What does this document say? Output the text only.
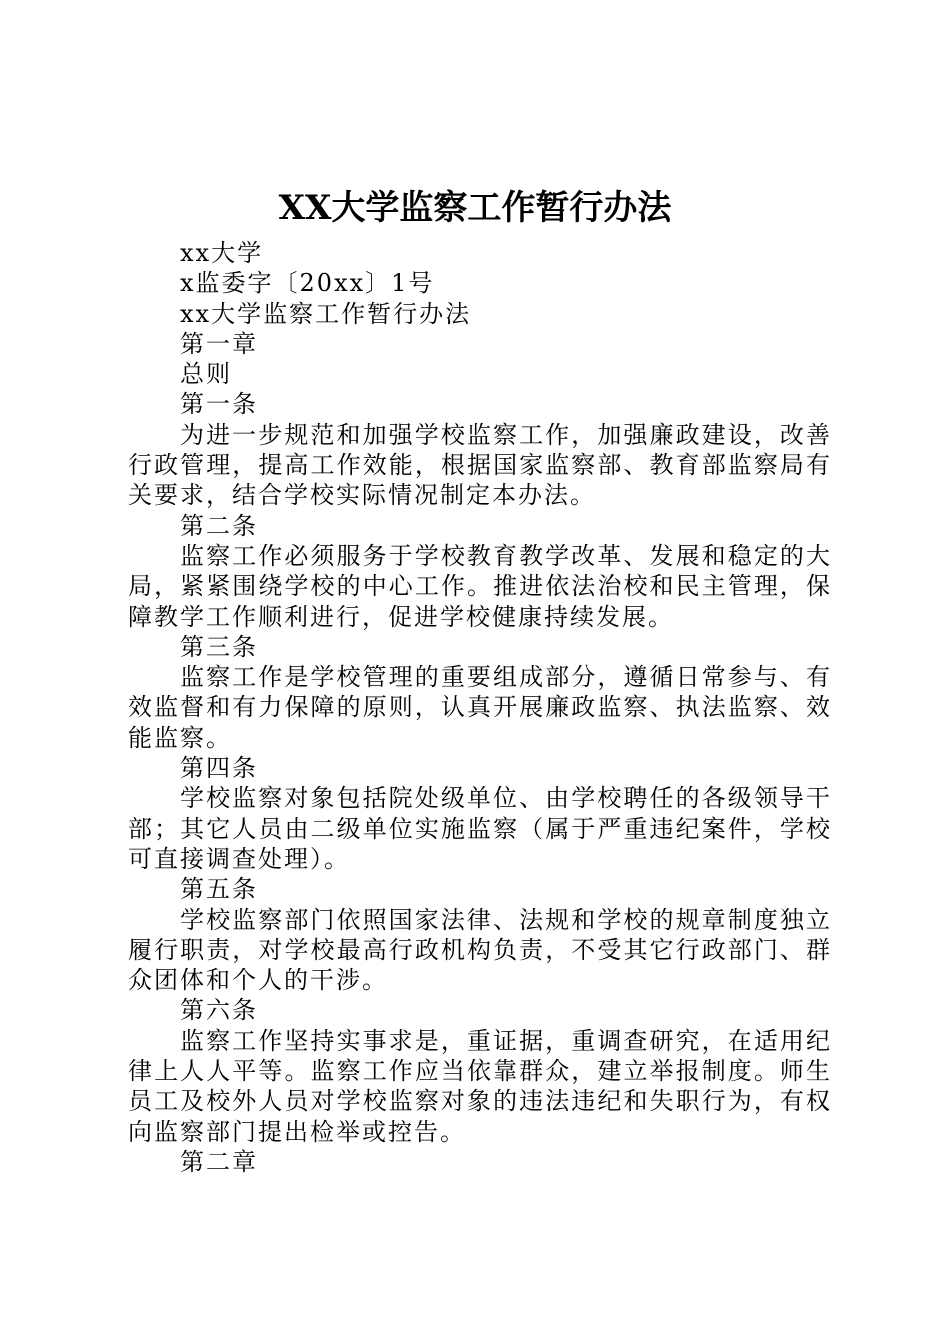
XX大学监察工作暂行办法

xx大学

x监委字〔20xx〕1号

xx大学监察工作暂行办法

第一章

总则

第一条

为进一步规范和加强学校监察工作，加强廉政建设，改善行政管理，提高工作效能，根据国家监察部、教育部监察局有关要求，结合学校实际情况制定本办法。

第二条

监察工作必须服务于学校教育教学改革、发展和稳定的大局，紧紧围绕学校的中心工作。推进依法治校和民主管理，保障教学工作顺利进行，促进学校健康持续发展。

第三条

监察工作是学校管理的重要组成部分，遵循日常参与、有效监督和有力保障的原则，认真开展廉政监察、执法监察、效能监察。

第四条

学校监察对象包括院处级单位、由学校聘任的各级领导干部；其它人员由二级单位实施监察（属于严重违纪案件，学校可直接调查处理）。

第五条

学校监察部门依照国家法律、法规和学校的规章制度独立履行职责，对学校最高行政机构负责，不受其它行政部门、群众团体和个人的干涉。

第六条

监察工作坚持实事求是，重证据，重调查研究，在适用纪律上人人平等。监察工作应当依靠群众，建立举报制度。师生员工及校外人员对学校监察对象的违法违纪和失职行为，有权向监察部门提出检举或控告。

第二章
